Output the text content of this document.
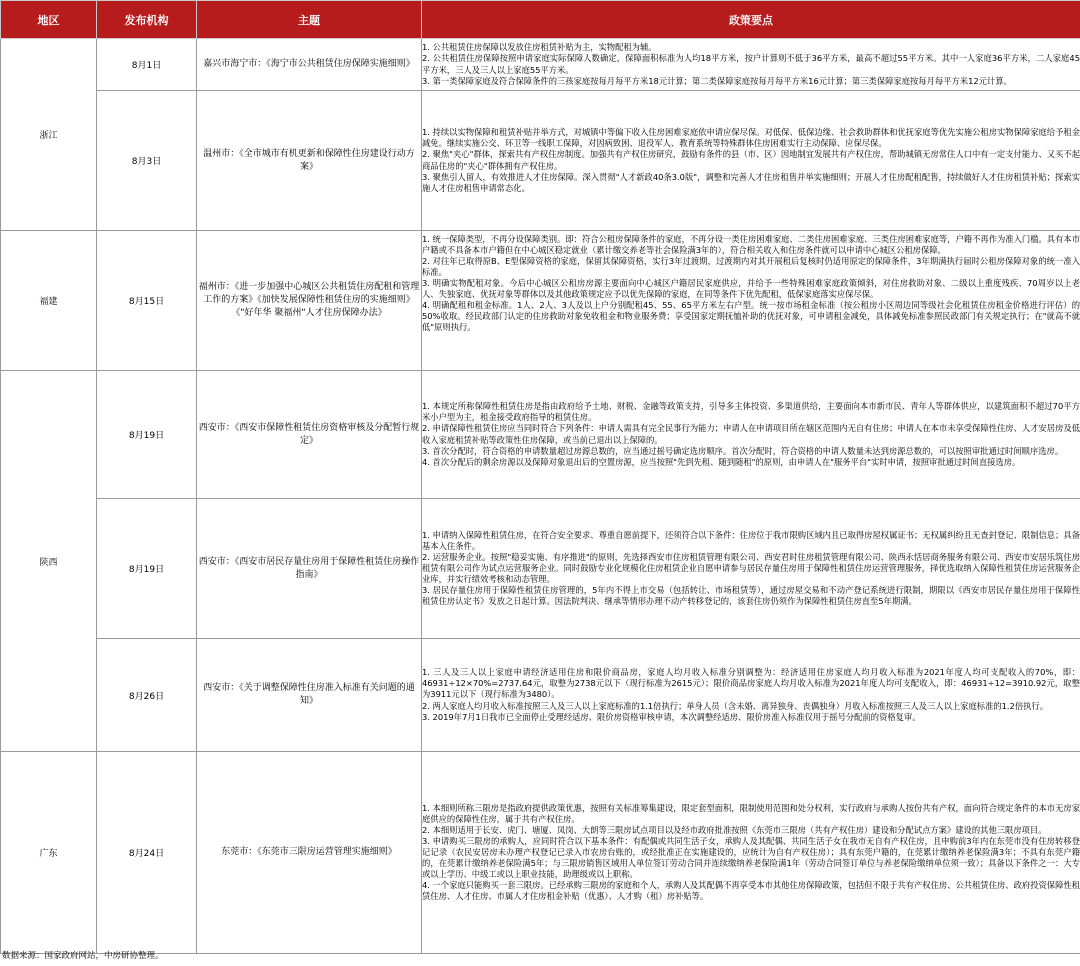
地区	发布机构	主题	政策要点
浙江	8月1日	嘉兴市海宁市：《海宁市公共租赁住房保障实施细则》	1. 公共租赁住房保障以发放住房租赁补贴为主，实物配租为辅。

2. 公共租赁住房保障按照申请家庭实际保障人数确定，保障面积标准为人均18平方米，按户计算则不低于36平方米，最高不超过55平方米。其中一人家庭36平方米，二人家庭45平方米，三人及三人以上家庭55平方米。

3. 第一类保障家庭及符合保障条件的三孩家庭按每月每平方米18元计算；第二类保障家庭按每月每平方米16元计算；第三类保障家庭按每月每平方米12元计算。

	8月3日	温州市：《全市城市有机更新和保障性住房建设行动方案》	1. 持续以实物保障和租赁补贴并举方式，对城镇中等偏下收入住房困难家庭依申请应保尽保。对低保、低保边缘、社会救助群体和优抚家庭等优先实施公租房实物保障家庭给予租金减免。继续实施公交、环卫等一线职工保障，对因病致困、退役军人、教育系统等特殊群体住房困难实行主动保障、应保尽保。

2. 聚焦"夹心"群体，探索共有产权住房制度。加强共有产权住房研究，鼓励有条件的县（市、区）因地制宜发展共有产权住房，帮助城镇无房常住人口中有一定支付能力、又买不起商品住房的"夹心"群体拥有产权住房。

3. 聚焦引人留人，有效推进人才住房保障。深入贯彻"人才新政40条3.0版"，调整和完善人才住房租售并举实施细则；开展人才住房配租配售，持续做好人才住房租赁补贴；探索实施人才住房租售申请常态化。

福建	8月15日	福州市：《进一步加强中心城区公共租赁住房配租和管理工作的方案》《加快发展保障性租赁住房的实施细则》《"好年华 聚福州"人才住房保障办法》	1. 统一保障类型，不再分设保障类别。即：符合公租房保障条件的家庭，不再分设一类住房困难家庭、二类住房困难家庭、三类住房困难家庭等，户籍不再作为准入门槛。具有本市户籍或不具备本市户籍但在中心城区稳定就业（累计缴交养老等社会保险满3年的），符合相关收入和住房条件就可以申请中心城区公租房保障。

2. 对往年已取得原B、E型保障资格的家庭，保留其保障资格，实行3年过渡期，过渡期内对其开展租后复核时仍适用原定的保障条件，3年期满执行届时公租房保障对象的统一准入标准。

3. 明确实物配租对象。今后中心城区公租房房源主要面向中心城区户籍居民家庭供应，并给予一些特殊困难家庭政策倾斜，对住房救助对象、二级以上重度残疾、70周岁以上老人、失独家庭、优抚对象等群体以及其他政策规定应予以优先保障的家庭，在同等条件下优先配租，低保家庭落实应保尽保。

4. 明确配租和租金标准。1人、2人、3人及以上户分别配租45、55、65平方米左右户型。统一按市场租金标准（按公租房小区周边同等级社会化租赁住房租金价格进行评估）的50%收取。经民政部门认定的住房救助对象免收租金和物业服务费；享受国家定期抚恤补助的优抚对象，可申请租金减免，具体减免标准参照民政部门有关规定执行；在"就高不就低"原则执行。

陕西	8月19日	西安市：《西安市保障性租赁住房资格审核及分配暂行规定》	1. 本规定所称保障性租赁住房是指由政府给予土地、财税、金融等政策支持，引导多主体投资、多渠道供给，主要面向本市新市民、青年人等群体供应，以建筑面积不超过70平方米小户型为主，租金接受政府指导的租赁住房。

2. 申请保障性租赁住房应当同时符合下列条件：申请人需具有完全民事行为能力；申请人在申请项目所在辖区范围内无自有住房；申请人在本市未享受保障性住房、人才安居房及低收入家庭租赁补贴等政策性住房保障，或当前已退出以上保障的。

3. 首次分配时，符合资格的申请数量超过房源总数的，应当通过摇号确定选房顺序。首次分配时，符合资格的申请人数量未达到房源总数的，可以按照审批通过时间顺序选房。

4. 首次分配后的剩余房源以及保障对象退出后的空置房源，应当按照"先到先租、随到随租"的原则，由申请人在"服务平台"实时申请，按照审批通过时间直接选房。

	8月19日	西安市：《西安市居民存量住房用于保障性租赁住房操作指南》	1. 申请纳入保障性租赁住房，在符合安全要求、尊重自愿前提下，还须符合以下条件：住房位于我市限购区域内且已取得房屋权属证书；无权属纠纷且无查封登记、限制信息；具备基本入住条件。

2. 运营服务企业。按照"稳妥实施、有序推进"的原则，先选择西安市住房租赁管理有限公司、西安君时住房租赁管理有限公司、陕西永恬居商务服务有限公司、西安市安居乐筑住房租赁有限公司作为试点运营服务企业。同时鼓励专业化规模化住房租赁企业自愿申请参与居民存量住房用于保障性租赁住房运营管理服务，择优选取纳入保障性租赁住房运营服务企业库，并实行绩效考核和动态管理。

3. 居民存量住房用于保障性租赁住房管理的，5年内不得上市交易（包括转让、市场租赁等），通过房屋交易和不动产登记系统进行限制，期限以《西安市居民存量住房用于保障性租赁住房认定书》发放之日起计算。因法院判决、继承等情形办理不动产转移登记的，该套住房仍须作为保障性租赁住房直至5年期满。

	8月26日	西安市：《关于调整保障性住房准入标准有关问题的通知》	1. 三人及三人以上家庭申请经济适用住房和限价商品房，家庭人均月收入标准分别调整为：经济适用住房家庭人均月收入标准为2021年度人均可支配收入的70%，即：46931÷12×70%=2737.64元，取整为2738元以下（现行标准为2615元）；限价商品房家庭人均月收入标准为2021年度人均可支配收入，即：46931÷12=3910.92元，取整为3911元以下（现行标准为3480）。

2. 两人家庭人均月收入标准按照三人及三人以上家庭标准的1.1倍执行；单身人员（含未婚、离异独身、丧偶独身）月收入标准按照三人及三人以上家庭标准的1.2倍执行。

3. 2019年7月1日我市已全面停止受理经适房、限价房资格审核申请，本次调整经适房、限价房准入标准仅用于摇号分配前的资格复审。

广东	8月24日	东莞市：《东莞市三限房运营管理实施细则》	1. 本细则所称三限房是指政府提供政策优惠，按照有关标准筹集建设，限定套型面积，限制使用范围和处分权利，实行政府与承购人按份共有产权，面向符合规定条件的本市无房家庭供应的保障性住房，属于共有产权住房。

2. 本细则适用于长安、虎门、塘厦、凤岗、大朗等三限房试点项目以及经市政府批准按照《东莞市三限房（共有产权住房）建设和分配试点方案》建设的其他三限房项目。

3. 申请购买三限房的承购人，应同时符合以下基本条件：有配偶或共同生活子女，承购人及其配偶、共同生活子女在我市无自有产权住房，且申购前3年内在东莞市没有住房转移登记记录（农民安居房未办理产权登记已录入市农房台账的，或经批准正在实施建设的，应统计为自有产权住房）；具有东莞户籍的，在莞累计缴纳养老保险满3年；不具有东莞户籍的，在莞累计缴纳养老保险满5年；与三限房销售区域用人单位签订劳动合同并连续缴纳养老保险满1年（劳动合同签订单位与养老保险缴纳单位须一致）；具备以下条件之一：大专或以上学历、中级工或以上职业技能，助理级或以上职称。

4. 一个家庭只能购买一套三限房。已经承购三限房的家庭和个人，承购人及其配偶不再享受本市其他住房保障政策，包括但不限于共有产权住房、公共租赁住房、政府投资保障性租赁住房、人才住房、市属人才住房租金补贴（优惠）、人才购（租）房补贴等。

数据来源：国家政府网站，中房研协整理。
